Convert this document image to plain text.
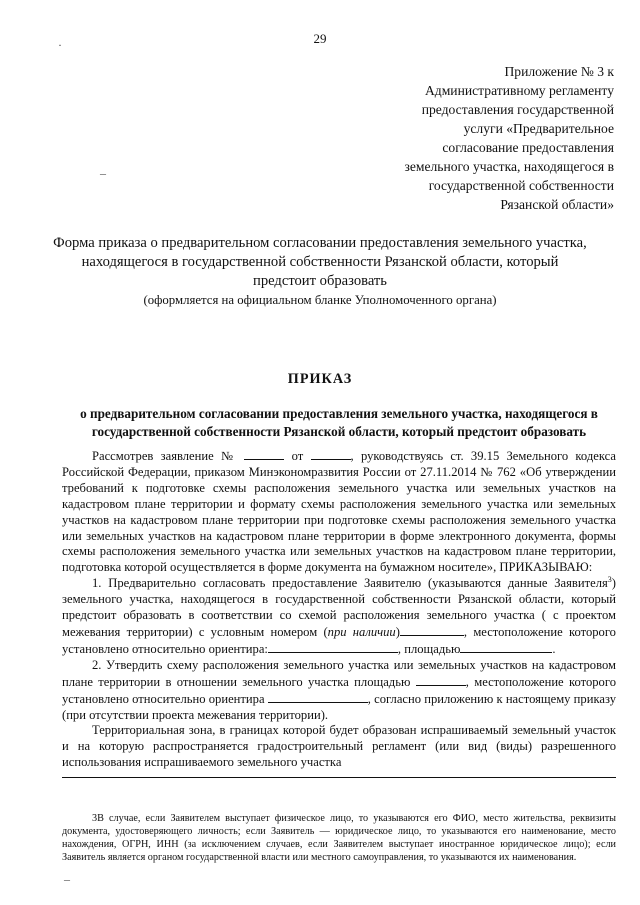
29
·
–
–
Приложение № 3 к
Административному регламенту
предоставления государственной
услуги «Предварительное
согласование предоставления
земельного участка, находящегося в
государственной собственности
Рязанской области»
Форма приказа о предварительном согласовании предоставления земельного участка,
находящегося в государственной собственности Рязанской области, который
предстоит образовать
(оформляется на официальном бланке Уполномоченного органа)
ПРИКАЗ
о предварительном согласовании предоставления земельного участка, находящегося в государственной собственности Рязанской области, который предстоит образовать

Рассмотрев заявление №	от	, руководствуясь ст. 39.15 Земельного кодекса Российской Федерации, приказом Минэкономразвития России от 27.11.2014 № 762 «Об утверждении требований к подготовке схемы расположения земельного участка или земельных участков на кадастровом плане территории и формату схемы расположения земельного участка или земельных участков на кадастровом плане территории при подготовке схемы расположения земельного участка или земельных участков на кадастровом плане территории в форме электронного документа, формы схемы расположения земельного участка или земельных участков на кадастровом плане территории, подготовка которой осуществляется в форме документа на бумажном носителе», ПРИКАЗЫВАЮ:

1. Предварительно согласовать предоставление Заявителю (указываются данные Заявителя$^3$) земельного участка, находящегося в государственной собственности Рязанской области, который предстоит образовать в соответствии со схемой расположения земельного участка ( с проектом межевания территории) с условным номером (при наличии)	, местоположение которого установлено относительно ориентира:	, площадью	.

2. Утвердить схему расположения земельного участка или земельных участков на кадастровом плане территории в отношении земельного участка площадью	, местоположение которого установлено относительно ориентира	, согласно приложению к настоящему приказу (при отсутствии проекта межевания территории).

Территориальная зона, в границах которой будет образован испрашиваемый земельный участок и на которую распространяется градостроительный регламент (или вид (виды) разрешенного использования испрашиваемого земельного участка

3В случае, если Заявителем выступает физическое лицо, то указываются его ФИО, место жительства, реквизиты документа, удостоверяющего личность; если Заявитель — юридическое лицо, то указываются его наименование, место нахождения, ОГРН, ИНН (за исключением случаев, если Заявителем выступает иностранное юридическое лицо); если Заявитель является органом государственной власти или местного самоуправления, то указываются их наименования.
